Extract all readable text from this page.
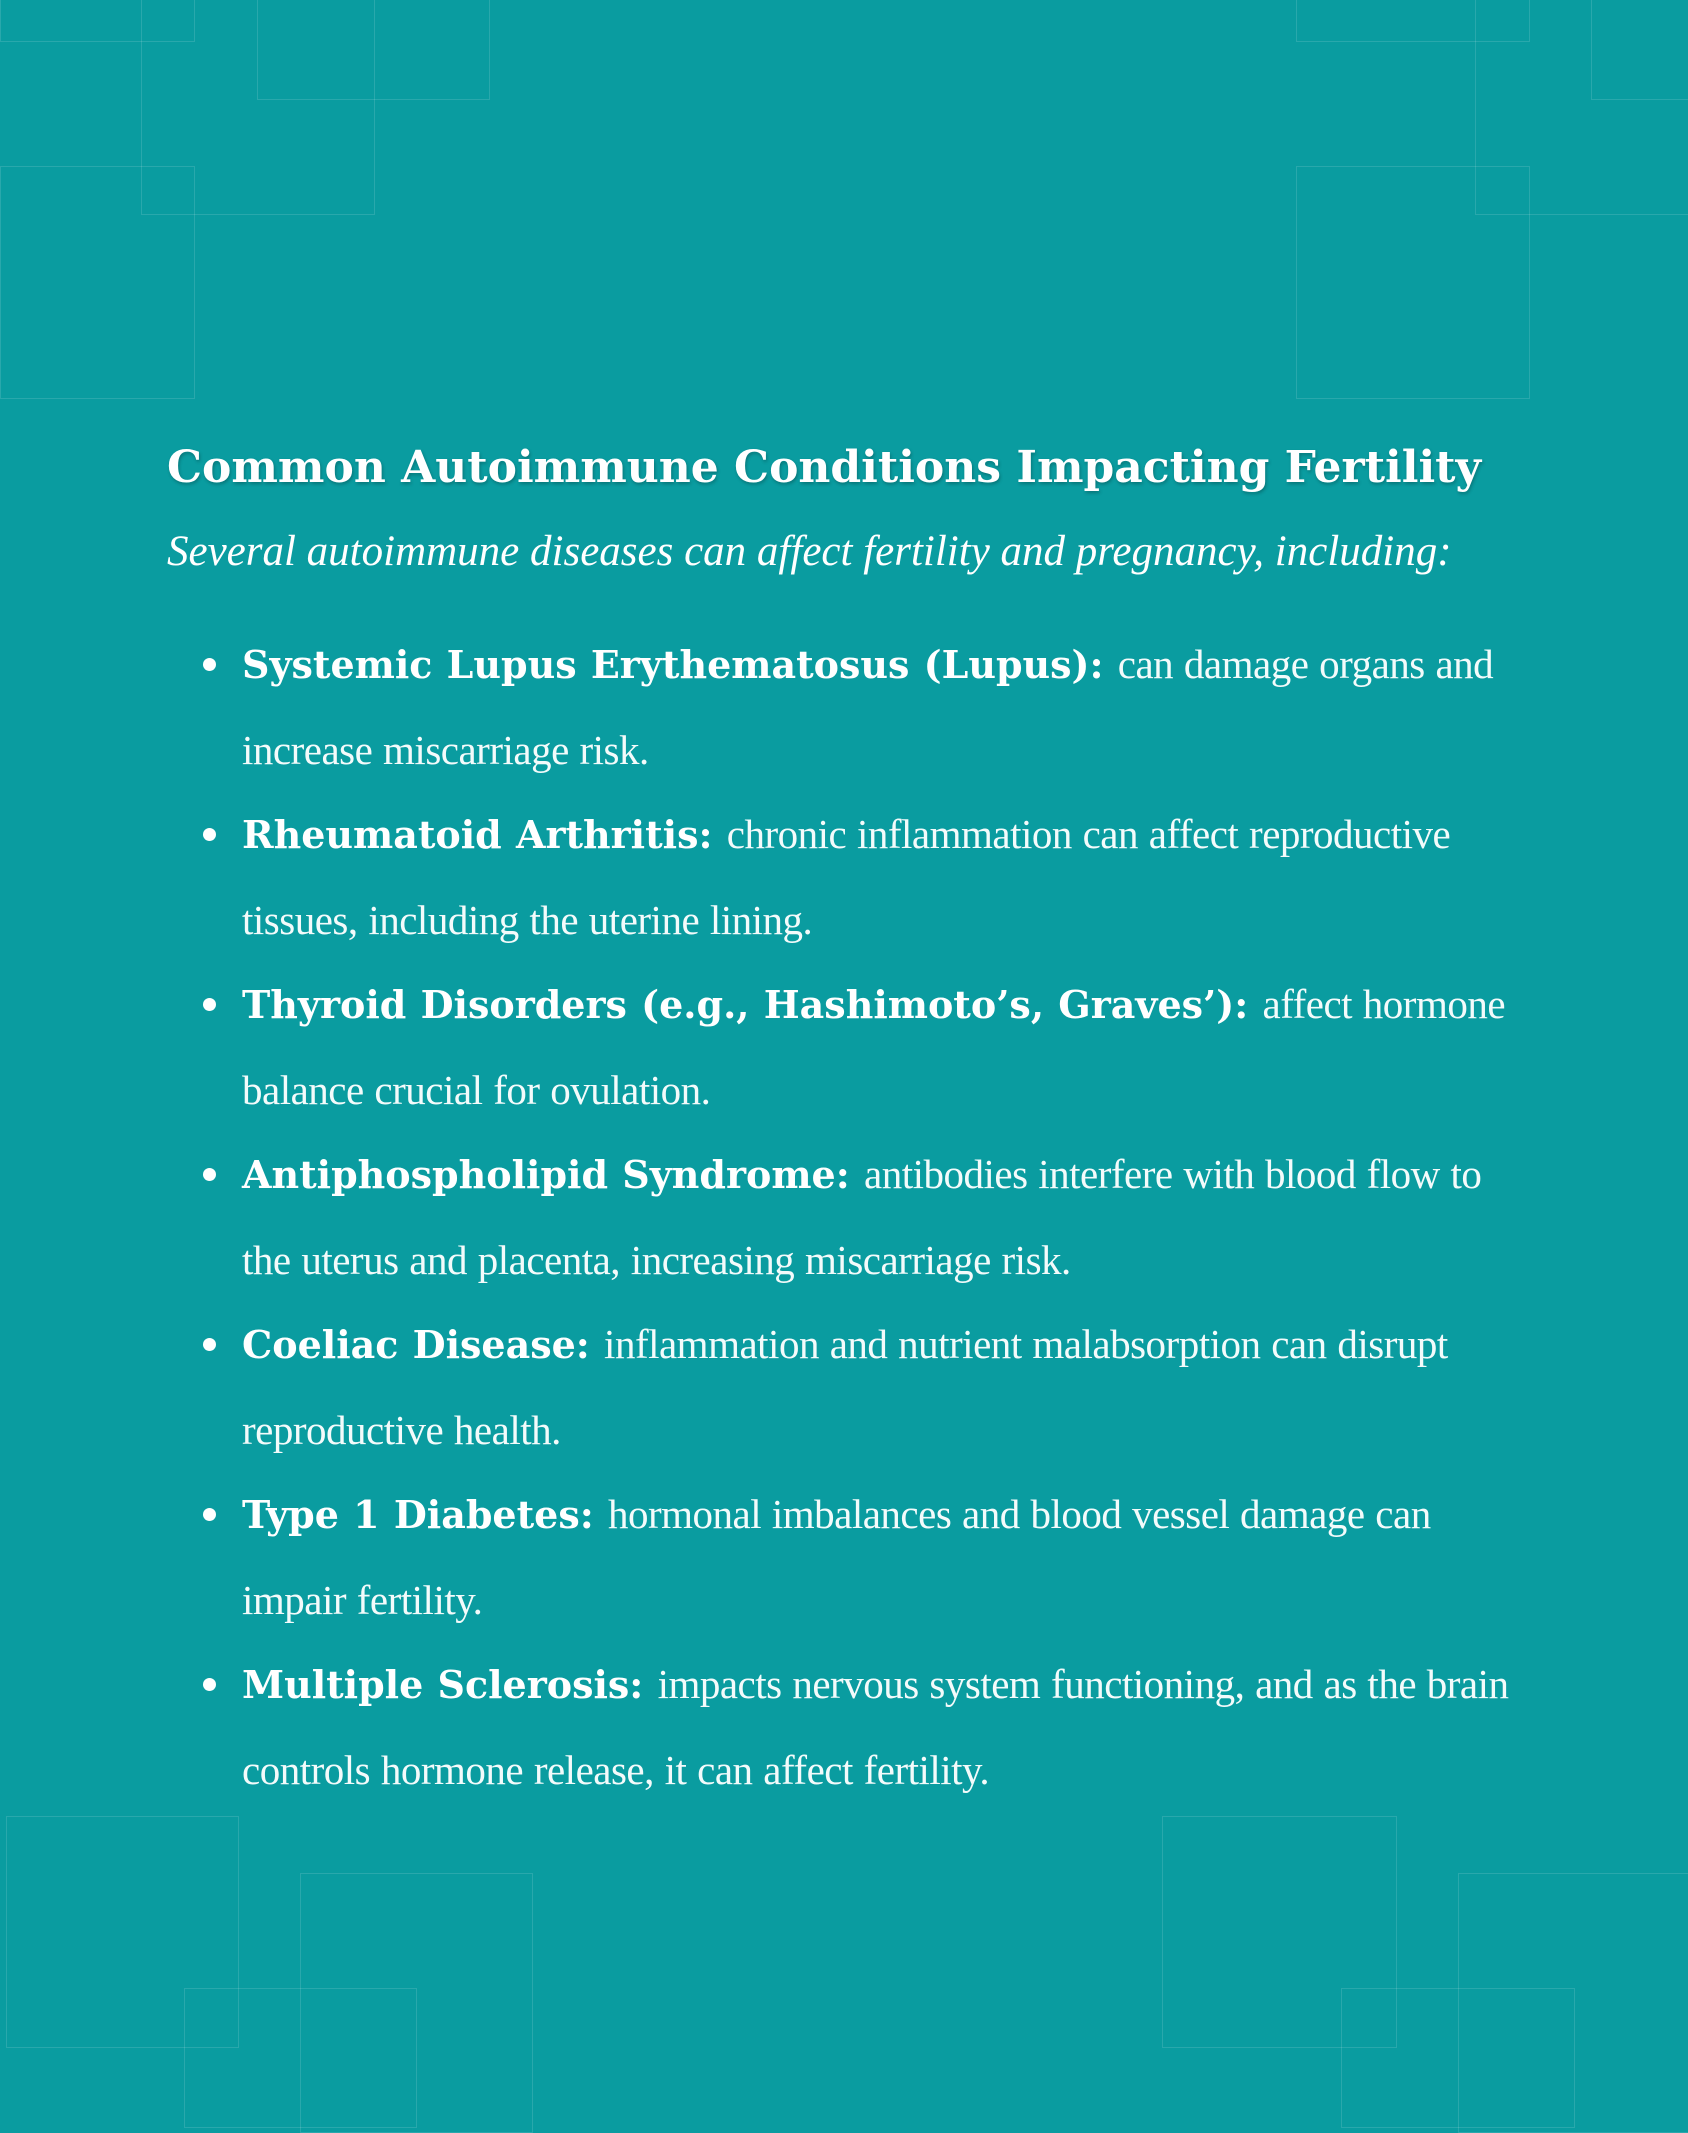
Common Autoimmune Conditions Impacting Fertility

Several autoimmune diseases can affect fertility and pregnancy, including:

Systemic Lupus Erythematosus (Lupus): can damage organs and increase miscarriage risk.
Rheumatoid Arthritis: chronic inflammation can affect reproductive tissues, including the uterine lining.
Thyroid Disorders (e.g., Hashimoto’s, Graves’): affect hormone balance crucial for ovulation.
Antiphospholipid Syndrome: antibodies interfere with blood flow to the uterus and placenta, increasing miscarriage risk.
Coeliac Disease: inflammation and nutrient malabsorption can disrupt reproductive health.
Type 1 Diabetes: hormonal imbalances and blood vessel damage can impair fertility.
Multiple Sclerosis: impacts nervous system functioning, and as the brain controls hormone release, it can affect fertility.
